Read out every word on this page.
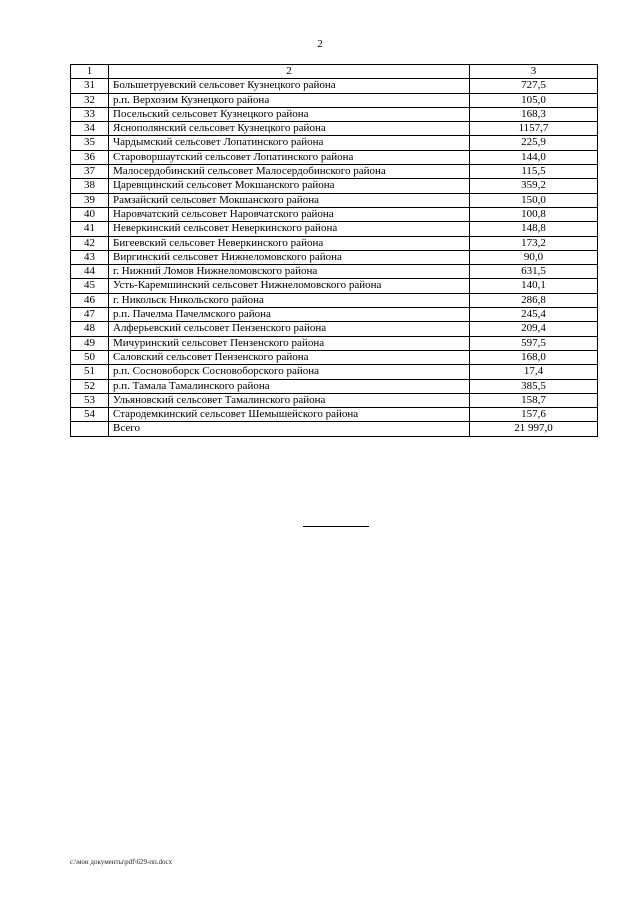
2
1	2	3
31	Большетруевский сельсовет Кузнецкого района	727,5
32	р.п. Верхозим Кузнецкого района	105,0
33	Посельский сельсовет Кузнецкого района	168,3
34	Яснополянский сельсовет Кузнецкого района	1157,7
35	Чардымский сельсовет Лопатинского района	225,9
36	Староворшаутский сельсовет Лопатинского района	144,0
37	Малосердобинский сельсовет Малосердобинского района	115,5
38	Царевщинский сельсовет Мокшанского района	359,2
39	Рамзайский сельсовет Мокшанского района	150,0
40	Наровчатский сельсовет Наровчатского района	100,8
41	Неверкинский сельсовет Неверкинского района	148,8
42	Бигеевский сельсовет Неверкинского района	173,2
43	Виргинский сельсовет Нижнеломовского района	90,0
44	г. Нижний Ломов Нижнеломовского района	631,5
45	Усть-Каремшинский сельсовет Нижнеломовского района	140,1
46	г. Никольск Никольского района	286,8
47	р.п. Пачелма Пачелмского района	245,4
48	Алферьевский сельсовет Пензенского района	209,4
49	Мичуринский сельсовет Пензенского района	597,5
50	Саловский сельсовет Пензенского района	168,0
51	р.п. Сосновоборск Сосновоборского района	17,4
52	р.п. Тамала Тамалинского района	385,5
53	Ульяновский сельсовет Тамалинского района	158,7
54	Стародемкинский сельсовет Шемышейского района	157,6
	Всего	21 997,0
c:\мои документы\pdf\629-пп.docx
